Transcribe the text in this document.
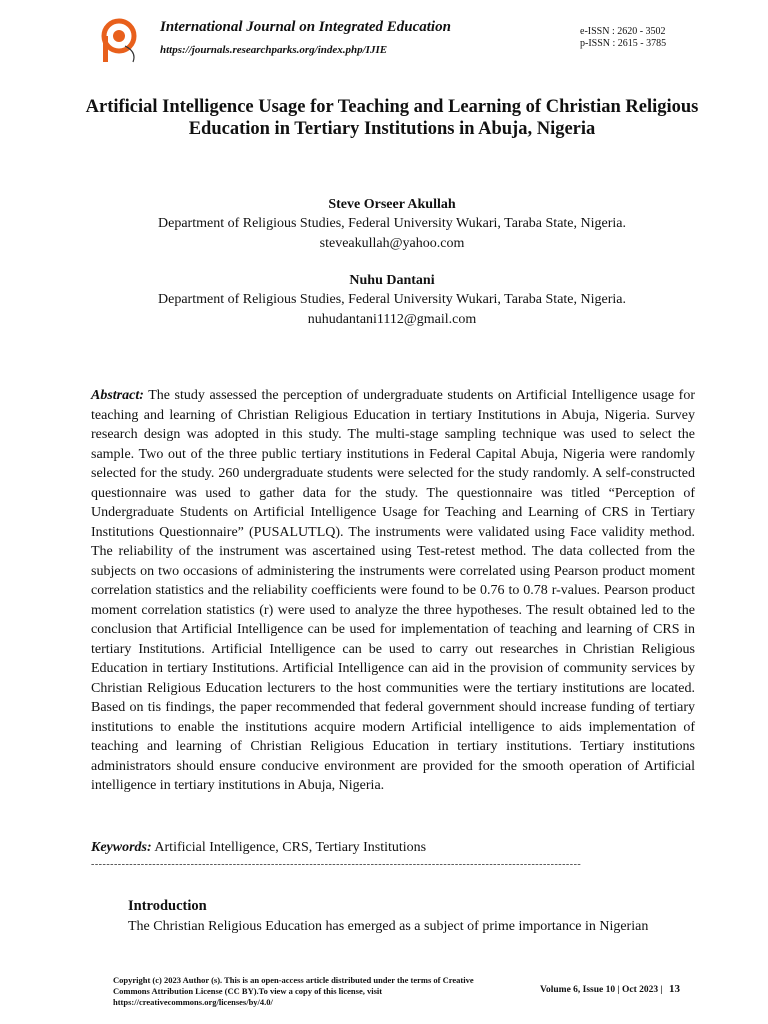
International Journal on Integrated Education
https://journals.researchparks.org/index.php/IJIE
e-ISSN : 2620 - 3502
p-ISSN : 2615 - 3785
Artificial Intelligence Usage for Teaching and Learning of Christian Religious Education in Tertiary Institutions in Abuja, Nigeria
Steve Orseer Akullah
Department of Religious Studies, Federal University Wukari, Taraba State, Nigeria.
steveakullah@yahoo.com
Nuhu Dantani
Department of Religious Studies, Federal University Wukari, Taraba State, Nigeria.
nuhudantani1112@gmail.com
Abstract: The study assessed the perception of undergraduate students on Artificial Intelligence usage for teaching and learning of Christian Religious Education in tertiary Institutions in Abuja, Nigeria. Survey research design was adopted in this study. The multi-stage sampling technique was used to select the sample. Two out of the three public tertiary institutions in Federal Capital Abuja, Nigeria were randomly selected for the study. 260 undergraduate students were selected for the study randomly. A self-constructed questionnaire was used to gather data for the study. The questionnaire was titled “Perception of Undergraduate Students on Artificial Intelligence Usage for Teaching and Learning of CRS in Tertiary Institutions Questionnaire” (PUSALUTLQ). The instruments were validated using Face validity method. The reliability of the instrument was ascertained using Test-retest method. The data collected from the subjects on two occasions of administering the instruments were correlated using Pearson product moment correlation statistics and the reliability coefficients were found to be 0.76 to 0.78 r-values. Pearson product moment correlation statistics (r) were used to analyze the three hypotheses. The result obtained led to the conclusion that Artificial Intelligence can be used for implementation of teaching and learning of CRS in tertiary Institutions. Artificial Intelligence can be used to carry out researches in Christian Religious Education in tertiary Institutions. Artificial Intelligence can aid in the provision of community services by Christian Religious Education lecturers to the host communities were the tertiary institutions are located. Based on tis findings, the paper recommended that federal government should increase funding of tertiary institutions to enable the institutions acquire modern Artificial intelligence to aids implementation of teaching and learning of Christian Religious Education in tertiary institutions. Tertiary institutions administrators should ensure conducive environment are provided for the smooth operation of Artificial intelligence in tertiary institutions in Abuja, Nigeria.
Keywords: Artificial Intelligence, CRS, Tertiary Institutions
--------------------------------------------------------------------------------------------------------------------------------
Introduction
The Christian Religious Education has emerged as a subject of prime importance in Nigerian
Copyright (c) 2023 Author (s). This is an open-access article distributed under the terms of Creative Commons Attribution License (CC BY).To view a copy of this license, visit https://creativecommons.org/licenses/by/4.0/
Volume 6, Issue 10 | Oct 2023 | 13
